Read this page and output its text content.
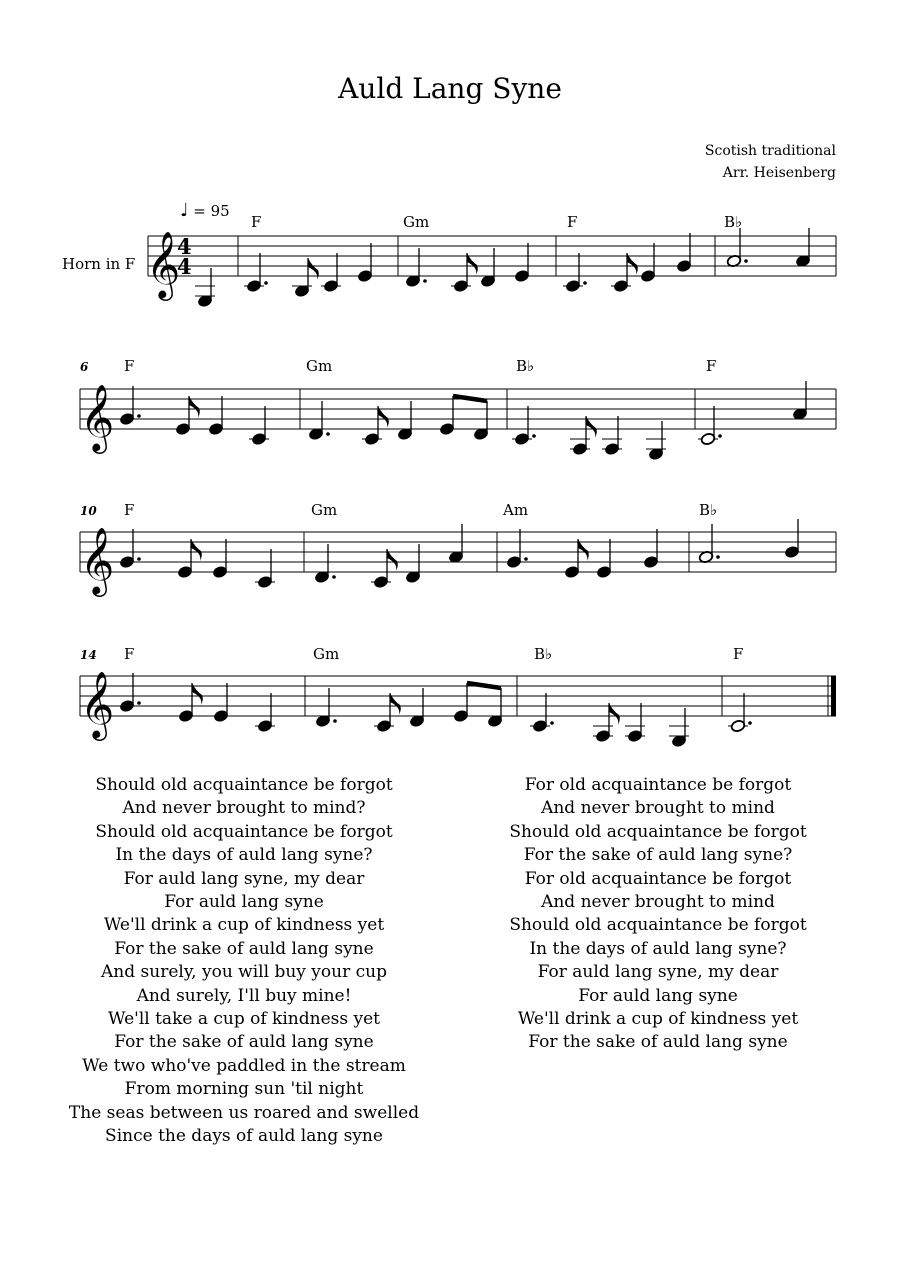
Auld Lang Syne
Scotish traditional
Arr. Heisenberg
♩ = 95
Horn in F 𝄞
4
4
𝄞
𝄞
𝄞
F	Gm	F	B♭
6 F	Gm	B♭	F
10 F	Gm	Am	B♭
14 F	Gm	B♭	F
Should old acquaintance be forgot
And never brought to mind?
Should old acquaintance be forgot
In the days of auld lang syne?
For auld lang syne, my dear
For auld lang syne
We'll drink a cup of kindness yet
For the sake of auld lang syne
And surely, you will buy your cup
And surely, I'll buy mine!
We'll take a cup of kindness yet
For the sake of auld lang syne
We two who've paddled in the stream
From morning sun 'til night
The seas between us roared and swelled
Since the days of auld lang syne
For old acquaintance be forgot
And never brought to mind
Should old acquaintance be forgot
For the sake of auld lang syne?
For old acquaintance be forgot
And never brought to mind
Should old acquaintance be forgot
In the days of auld lang syne?
For auld lang syne, my dear
For auld lang syne
We'll drink a cup of kindness yet
For the sake of auld lang syne
